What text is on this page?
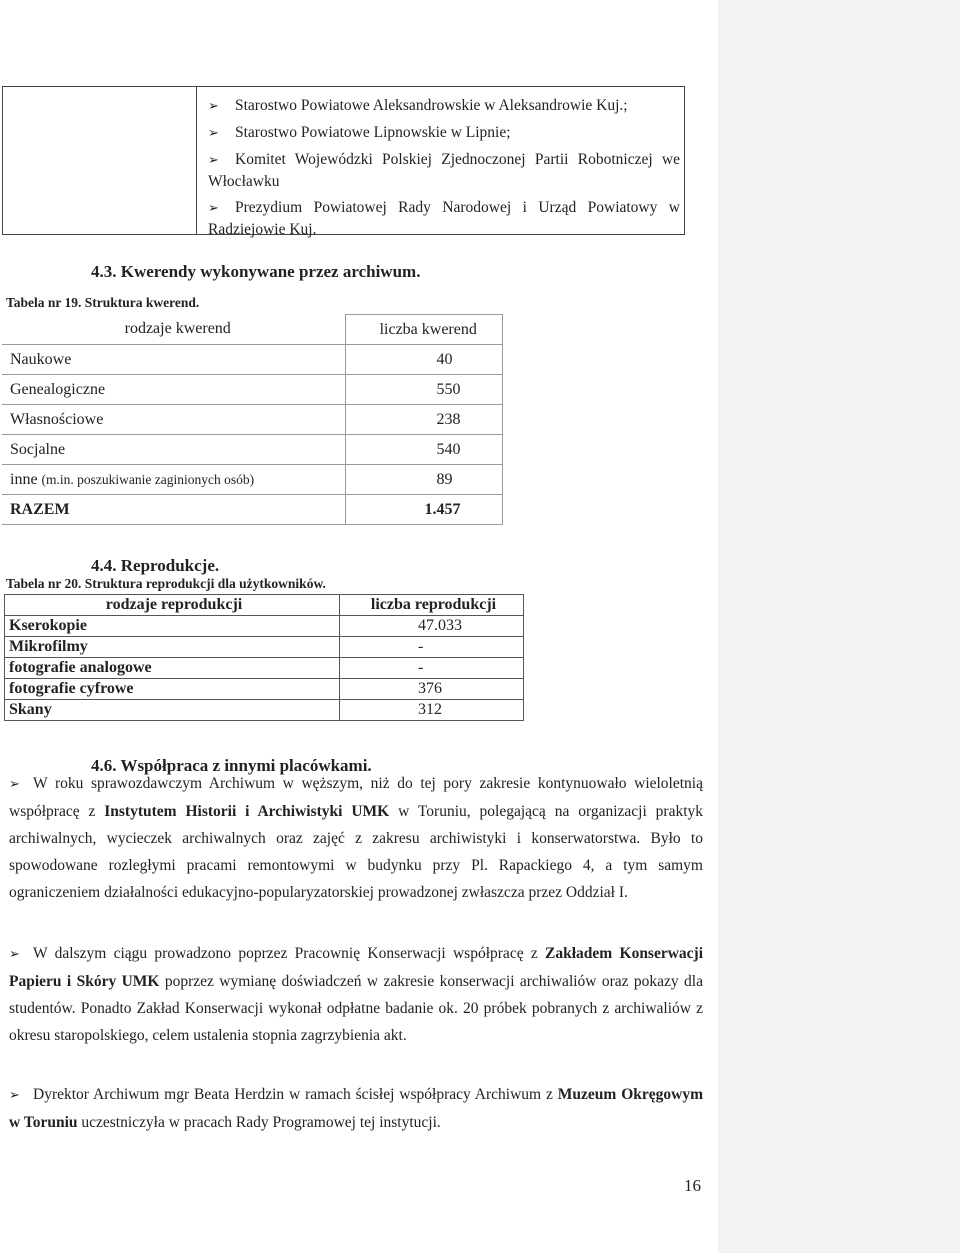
➢ Starostwo Powiatowe Aleksandrowskie w Aleksandrowie Kuj.;
➢ Starostwo Powiatowe Lipnowskie w Lipnie;
➢ Komitet Wojewódzki Polskiej Zjednoczonej Partii Robotniczej we Włocławku
➢ Prezydium Powiatowej Rady Narodowej i Urząd Powiatowy w Radziejowie Kuj.
4.3. Kwerendy wykonywane przez archiwum.
Tabela nr 19. Struktura kwerend.
rodzaje kwerend	liczba kwerend
Naukowe	40
Genealogiczne	550
Własnościowe	238
Socjalne	540
inne (m.in. poszukiwanie zaginionych osób)	89
RAZEM	1.457
4.4. Reprodukcje.
Tabela nr 20. Struktura reprodukcji dla użytkowników.
rodzaje reprodukcji	liczba reprodukcji
Kserokopie	47.033
Mikrofilmy	-
fotografie analogowe	-
fotografie cyfrowe	376
Skany	312
4.6. Współpraca z innymi placówkami.
➢ W roku sprawozdawczym Archiwum w węższym, niż do tej pory zakresie kontynuowało wieloletnią współpracę z Instytutem Historii i Archiwistyki UMK w Toruniu, polegającą na organizacji praktyk archiwalnych, wycieczek archiwalnych oraz zajęć z zakresu archiwistyki i konserwatorstwa. Było to spowodowane rozległymi pracami remontowymi w budynku przy Pl. Rapackiego 4, a tym samym ograniczeniem działalności edukacyjno-popularyzatorskiej prowadzonej zwłaszcza przez Oddział I.
➢ W dalszym ciągu prowadzono poprzez Pracownię Konserwacji współpracę z Zakładem Konserwacji Papieru i Skóry UMK poprzez wymianę doświadczeń w zakresie konserwacji archiwaliów oraz pokazy dla studentów. Ponadto Zakład Konserwacji wykonał odpłatne badanie ok. 20 próbek pobranych z archiwaliów z okresu staropolskiego, celem ustalenia stopnia zagrzybienia akt.
➢ Dyrektor Archiwum mgr Beata Herdzin w ramach ścisłej współpracy Archiwum z Muzeum Okręgowym w Toruniu uczestniczyła w pracach Rady Programowej tej instytucji.
16
